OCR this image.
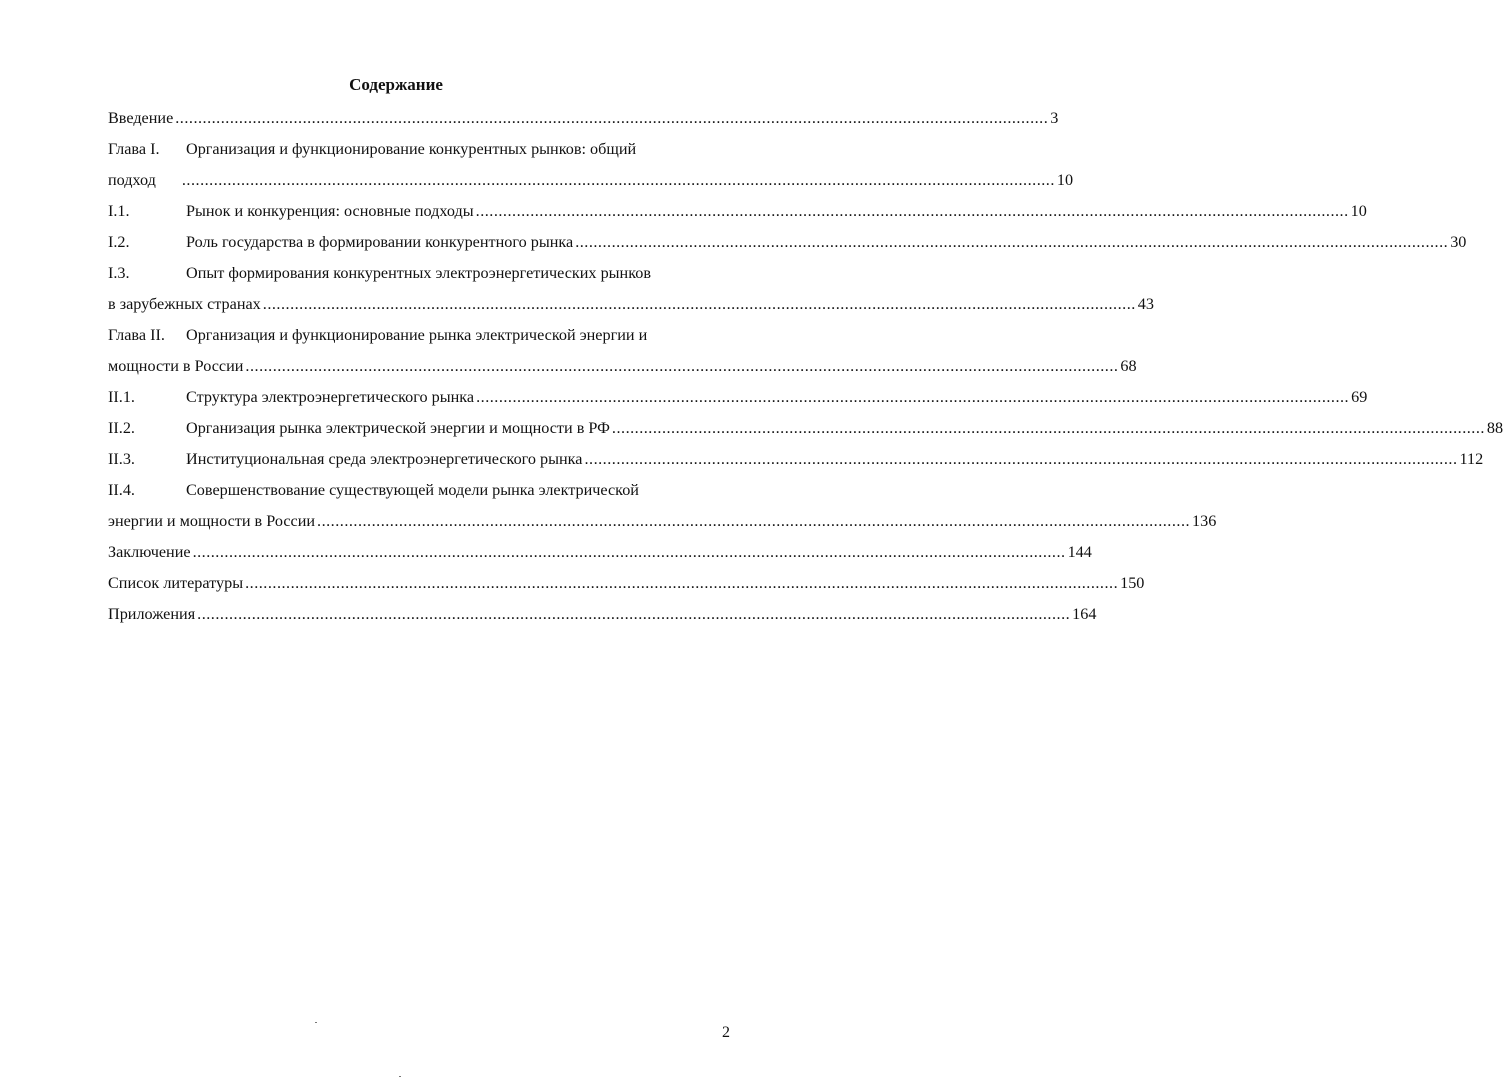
Содержание
Введение ................................................................................................................................................................................................ 3
Глава I.	Организация и функционирование конкурентных рынков: общий
подход ................................................................................................................................................................................................ 10
I.1.	Рынок и конкуренция: основные подходы ................................................................................................................................................................................................ 10
I.2.	Роль государства в формировании конкурентного рынка ................................................................................................................................................................................................ 30
I.3.	Опыт формирования конкурентных электроэнергетических рынков
в зарубежных странах ................................................................................................................................................................................................ 43
Глава II.	Организация и функционирование рынка электрической энергии и
мощности в России ................................................................................................................................................................................................ 68
II.1.	Структура электроэнергетического рынка ................................................................................................................................................................................................ 69
II.2.	Организация рынка электрической энергии и мощности в РФ ................................................................................................................................................................................................ 88
II.3.	Институциональная среда электроэнергетического рынка ................................................................................................................................................................................................ 112
II.4.	Совершенствование существующей модели рынка электрической
энергии и мощности в России ................................................................................................................................................................................................ 136
Заключение ................................................................................................................................................................................................ 144
Список литературы ................................................................................................................................................................................................ 150
Приложения ................................................................................................................................................................................................ 164
2
